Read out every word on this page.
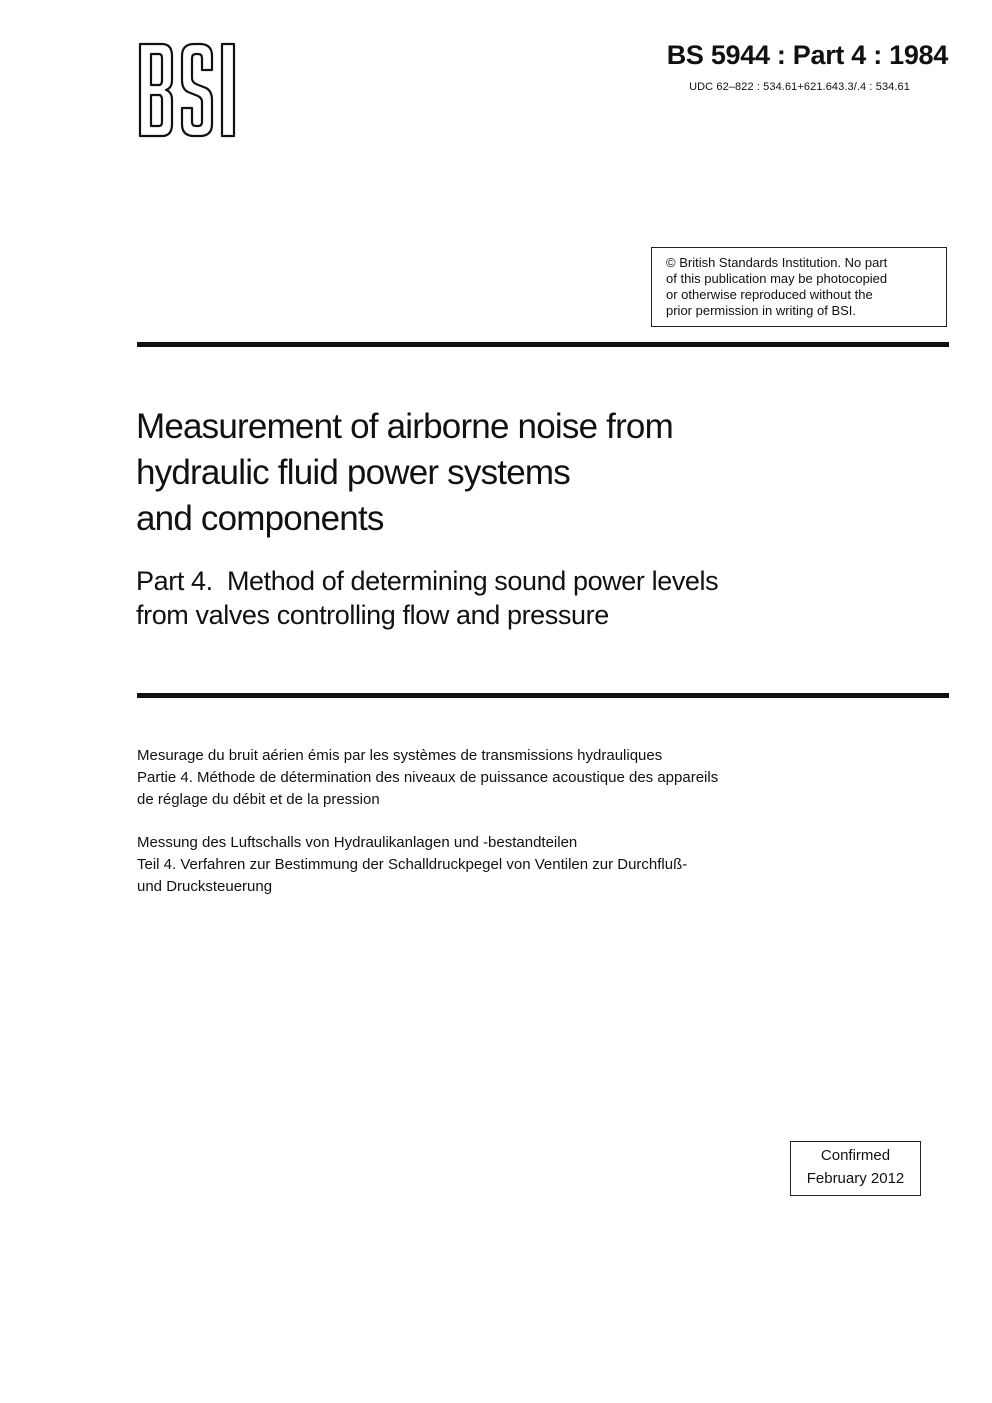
BS 5944 : Part 4 : 1984
UDC 62–822 : 534.61+621.643.3/.4 : 534.61

© British Standards Institution. No part

of this publication may be photocopied

or otherwise reproduced without the

prior permission in writing of BSI.

Measurement of airborne noise from
hydraulic fluid power systems
and components
Part 4.  Method of determining sound power levels
from valves controlling flow and pressure
Mesurage du bruit aérien émis par les systèmes de transmissions hydrauliques
Partie 4. Méthode de détermination des niveaux de puissance acoustique des appareils
de réglage du débit et de la pression
Messung des Luftschalls von Hydraulikanlagen und -bestandteilen
Teil 4. Verfahren zur Bestimmung der Schalldruckpegel von Ventilen zur Durchfluß-
und Drucksteuerung
Confirmed
February 2012
